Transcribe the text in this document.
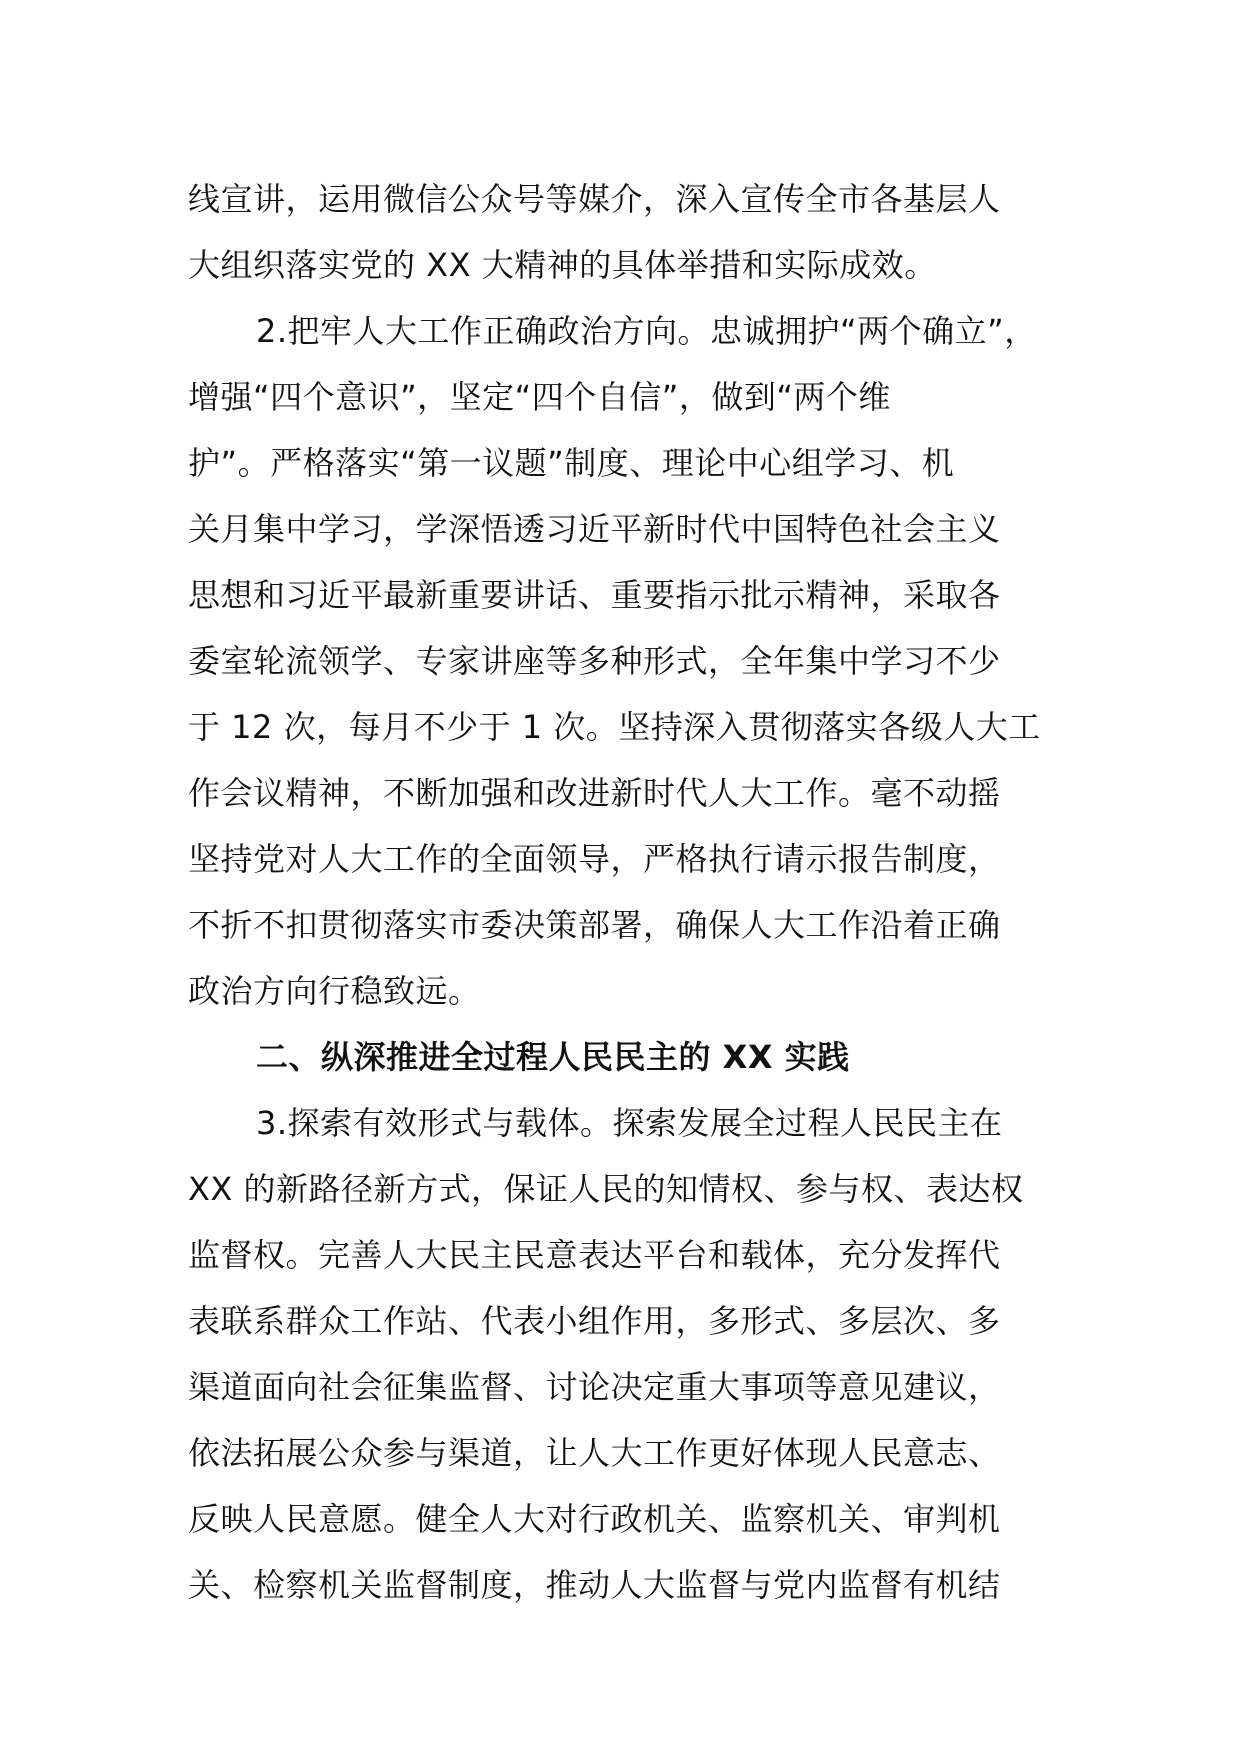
线宣讲，运用微信公众号等媒介，深入宣传全市各基层人
大组织落实党的 XX 大精神的具体举措和实际成效。
2.把牢人大工作正确政治方向。忠诚拥护“两个确立”，
增强“四个意识”，坚定“四个自信”，做到“两个维
护”。严格落实“第一议题”制度、理论中心组学习、机
关月集中学习，学深悟透习近平新时代中国特色社会主义
思想和习近平最新重要讲话、重要指示批示精神，采取各
委室轮流领学、专家讲座等多种形式，全年集中学习不少
于 12 次，每月不少于 1 次。坚持深入贯彻落实各级人大工
作会议精神，不断加强和改进新时代人大工作。毫不动摇
坚持党对人大工作的全面领导，严格执行请示报告制度，
不折不扣贯彻落实市委决策部署，确保人大工作沿着正确
政治方向行稳致远。
二、纵深推进全过程人民民主的 XX 实践
3.探索有效形式与载体。探索发展全过程人民民主在
XX 的新路径新方式，保证人民的知情权、参与权、表达权
监督权。完善人大民主民意表达平台和载体，充分发挥代
表联系群众工作站、代表小组作用，多形式、多层次、多
渠道面向社会征集监督、讨论决定重大事项等意见建议，
依法拓展公众参与渠道，让人大工作更好体现人民意志、
反映人民意愿。健全人大对行政机关、监察机关、审判机
关、检察机关监督制度，推动人大监督与党内监督有机结
